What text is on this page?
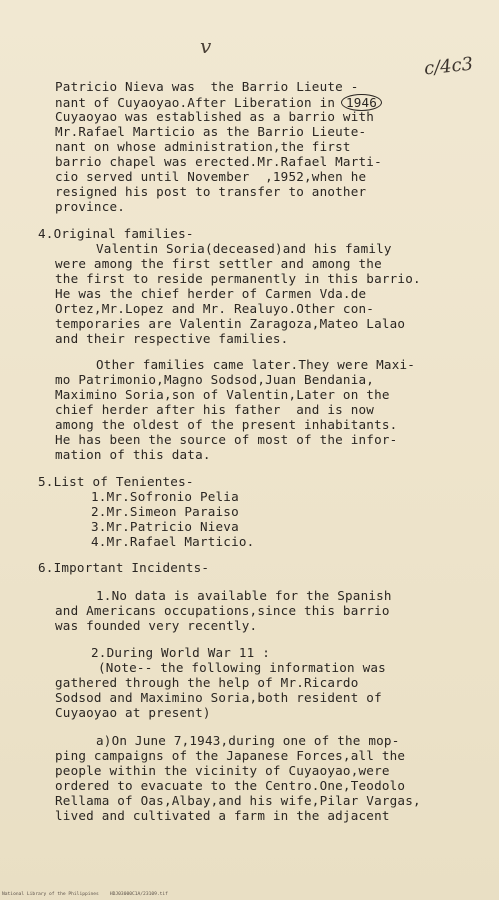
v
c/4c3
Patricio Nieva was  the Barrio Lieute -
nant of Cuyaoyao.After Liberation in 1946
Cuyaoyao was established as a barrio with
Mr.Rafael Marticio as the Barrio Lieute-
nant on whose administration,the first
barrio chapel was erected.Mr.Rafael Marti-
cio served until November  ,1952,when he
resigned his post to transfer to another
province.
4.Original families-
Valentin Soria(deceased)and his family
were among the first settler and among the
the first to reside permanently in this barrio.
He was the chief herder of Carmen Vda.de
Ortez,Mr.Lopez and Mr. Realuyo.Other con-
temporaries are Valentin Zaragoza,Mateo Lalao
and their respective families.
Other families came later.They were Maxi-
mo Patrimonio,Magno Sodsod,Juan Bendania,
Maximino Soria,son of Valentin,Later on the
chief herder after his father  and is now
among the oldest of the present inhabitants.
He has been the source of most of the infor-
mation of this data.
5.List of Tenientes-
1.Mr.Sofronio Pelia
2.Mr.Simeon Paraiso
3.Mr.Patricio Nieva
4.Mr.Rafael Marticio.
6.Important Incidents-
1.No data is available for the Spanish
and Americans occupations,since this barrio
was founded very recently.
2.During World War 11 :
(Note-- the following information was
gathered through the help of Mr.Ricardo
Sodsod and Maximino Soria,both resident of
Cuyaoyao at present)
a)On June 7,1943,during one of the mop-
ping campaigns of the Japanese Forces,all the
people within the vicinity of Cuyaoyao,were
ordered to evacuate to the Centro.One,Teodolo
Rellama of Oas,Albay,and his wife,Pilar Vargas,
lived and cultivated a farm in the adjacent
National Library of the Philippines    HDJ03000C1A/23109.tif
